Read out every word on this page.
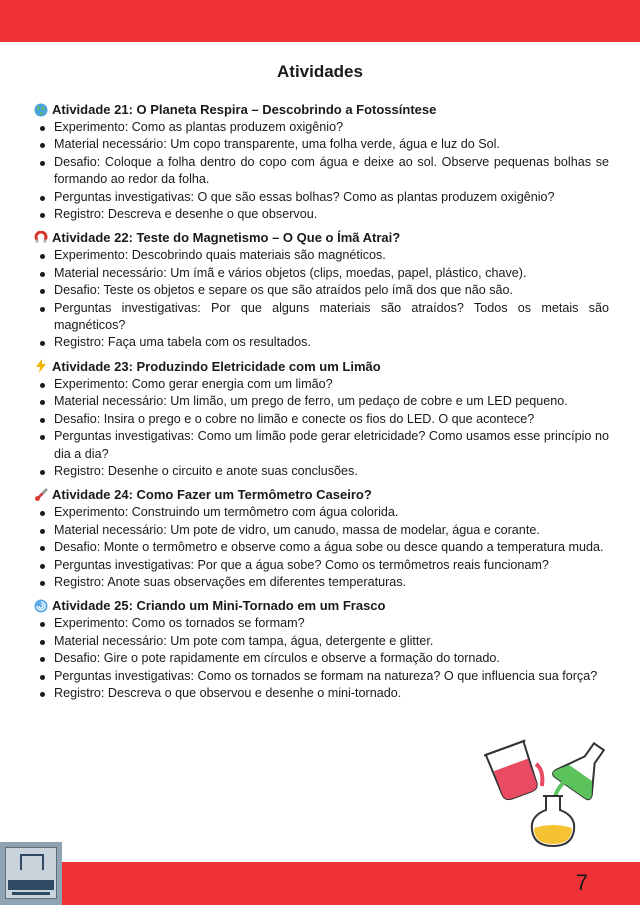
Atividades
Atividade 21: O Planeta Respira – Descobrindo a Fotossíntese
Experimento: Como as plantas produzem oxigênio?
Material necessário: Um copo transparente, uma folha verde, água e luz do Sol.
Desafio: Coloque a folha dentro do copo com água e deixe ao sol. Observe pequenas bolhas se formando ao redor da folha.
Perguntas investigativas: O que são essas bolhas? Como as plantas produzem oxigênio?
Registro: Descreva e desenhe o que observou.
Atividade 22: Teste do Magnetismo – O Que o Ímã Atrai?
Experimento: Descobrindo quais materiais são magnéticos.
Material necessário: Um ímã e vários objetos (clips, moedas, papel, plástico, chave).
Desafio: Teste os objetos e separe os que são atraídos pelo ímã dos que não são.
Perguntas investigativas: Por que alguns materiais são atraídos? Todos os metais são magnéticos?
Registro: Faça uma tabela com os resultados.
Atividade 23: Produzindo Eletricidade com um Limão
Experimento: Como gerar energia com um limão?
Material necessário: Um limão, um prego de ferro, um pedaço de cobre e um LED pequeno.
Desafio: Insira o prego e o cobre no limão e conecte os fios do LED. O que acontece?
Perguntas investigativas: Como um limão pode gerar eletricidade? Como usamos esse princípio no dia a dia?
Registro: Desenhe o circuito e anote suas conclusões.
Atividade 24: Como Fazer um Termômetro Caseiro?
Experimento: Construindo um termômetro com água colorida.
Material necessário: Um pote de vidro, um canudo, massa de modelar, água e corante.
Desafio: Monte o termômetro e observe como a água sobe ou desce quando a temperatura muda.
Perguntas investigativas: Por que a água sobe? Como os termômetros reais funcionam?
Registro: Anote suas observações em diferentes temperaturas.
Atividade 25: Criando um Mini-Tornado em um Frasco
Experimento: Como os tornados se formam?
Material necessário: Um pote com tampa, água, detergente e glitter.
Desafio: Gire o pote rapidamente em círculos e observe a formação do tornado.
Perguntas investigativas: Como os tornados se formam na natureza? O que influencia sua força?
Registro: Descreva o que observou e desenhe o mini-tornado.
7
